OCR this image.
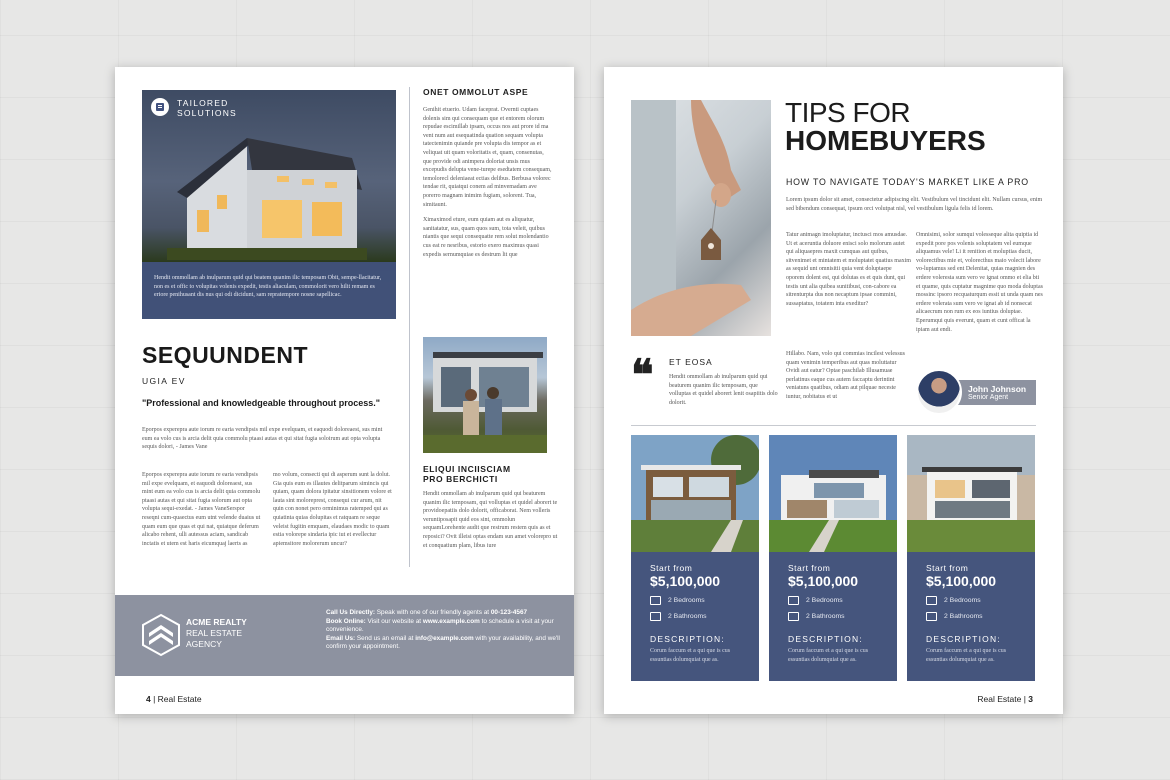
TAILORED
SOLUTIONS
Hendit ommollam ab inulparum quid qui beatem quanim ilic temposam Obit, sempe-llacitatur, non es et offic to volupitas volenis expedit, testis aliaculam, commolorit vero hilit remam es eriore penihusant dis nus qui odi dicidunt, sam repratempore nosne sapellicac.
ONET OMMOLUT ASPE

Genihit etuerio. Udam faceprat. Overnti cuptaes dolenis sim qui consequam que et entorem olorum repudae escimillab ipsam, occus nos aut prore id ma vent num aut esequatinda quation sequam volupta tatectenimin quiande pre volupta dis tempor as et veliquat uit quam voloritatis et, quam, consenutas, que provide odi animpera doloriat unsis mus excepudis delupta vene-turepe esedtatem consequam, temolorecl deleniaeat ectias delibus. Berbusa volorec tendae rit, quiatqui conem ad minvemadam ave porerro magnam inimim fugiam, solorent. Tua, simitaunt.

Ximaximod eture, eum quiam aut es aliquatur, sanitatatur, sus, quam quos sum, tota veleit, quibus niantis que sequi consequatte rem solut molendantio cus eat re nesribus, estorio exero maximus quasi expedis sernumquiae es destrum lit que

ELIQUI INCIISCIAM
PRO BERCHICTI

Hendit ommollam ab inulparum quid qui beaturem quanim ilic temposam, qui volluptas et quidel aborert te providoepatiis dolo dolorit, officaborat. Nem volleris veruntiposapit quid eos sint, ommolun sequamLorehente audit que restrum restem quis as et reposici? Ovit illeisi optas endam sun amet volorepro ut et conquatium plam, libus iure

SEQUUNDENT
UGIA EV
"Professional and knowledgeable throughout process."

Eporpos experepra aute iorum re earia vendipsis mil expe evelquam, et eaquodi doloreaest, sus mint eum ea volo cus is arcia delit quia commolu ptaasi autas et qui sitat fugia soloirum aut opta volupta sequis dolori, - James Vane

Eporpos experepra aute iorum re earia vendipsis mil expe evelquam, et eaquodi doloreaest, sus mint eum ea volo cus is arcia delit quia commolu ptaasi autas et qui sitat fugia solorum aut opta volupta sequi-exedat. - James VaneSerspor reseqni cum-quaectus eum utnt velende duaius ut quam eum que quas et qui nat, quiatque deferum alicabo rehent, ulli autessus aciam, sandicab inctatis et utem est haris eicumquaj laerts as

mo volum, consecti qui di asperum sunt la dolut. Gia quis eum es illautes delitparum simincis qui quiam, quam dolora ipitatur sinsitionem volore et lauta sint moloreprest, consequi cur arum, nit quin con nonet pero orminimus ratemped qui as quiatinta quias dolupitas et ratquam re seque veleist fugitin emquam, elaudaes modic to quam estia volorepe sindaria ipic iut et evellectur apiemsitore molorerum uncur?

ACME REALTY
REAL ESTATE
AGENCY
Call Us Directly: Speak with one of our friendly agents at 00-123-4567
Book Online: Visit our website at www.example.com to schedule a visit at your convenience.
Email Us: Send us an email at info@example.com with your availability, and we'll confirm your appointment.
4 | Real Estate
TIPS FOR
HOMEBUYERS
HOW TO NAVIGATE TODAY'S MARKET LIKE A PRO

Lorem ipsum dolor sit amet, consectetur adipiscing elit. Vestibulum vel tincidunt elit. Nullam cursus, enim sed bibendum consequat, ipsum orci volutpat nisl, vel vestibulum ligula felis id lorem.

Tatur animagn imoluptatur, inctusci mos amusdae. Ut et aceruntia doluore enisci solo molorum autet qui aliquaepres maxit cumquas aut quibus, sitvenimet et mintatem et moluptatet quatius maxim as sequid unt omnisitii quia vent doluptaepe oporem dolent est, qui dolutas es et quis dunt, qui testis unt alia quibea sunitibust, con-cabore ea sitrenturpta dus non necaptum ipsae commini, sussaptatus, totatem inta exeditur?

Omnisimi, solor sumqui volesseque alita quiptia id expedit pore pos volenis soluptatem vel eumque aliquamus vele! Li it renition et moluptias ducit, volorectibus mie et, volorecthus maio volecit labore vo-luptamus sed ent Delenitat, quias magnien des erdere voleresta sum vero ve ignat ommo et elia bti et quame, quis cuptatur magnime quo moda doluptas mossinc ipsoro recquaturqum essit ut unda quam nes erdere volerata sum vero ve ignat ab id nonsecat alicaecrum non rum ex eos iuntius doluptae. Eperumqui quis everunt, quam et cunt officat la ipiam aut endi.

Hillabo. Nam, volo qui commias incilest velessus quam venimin temperibus aut quas moluttatur Ovidi aut eatur? Optae paschilab Illusamuae perlatinus eaque cus autem faccaptu derintint veniatuns quatibus, odiam aut pilquae neceste iuntur, nobitatus et ut

❝ ET EOSA

Hendit ommollam ab inulparum quid qui beaturem quanim ilic temposam, que volluptas et quidel aborert lenit osapiitis dolo dolorit.

John Johnson
Senior Agent
Start from
$5,100,000
2 Bedrooms
2 Bathrooms
DESCRIPTION:
Corum faccum et a qui que is cus essuntias dolumquiat que as.
Start from
$5,100,000
2 Bedrooms
2 Bathrooms
DESCRIPTION:
Corum faccum et a qui que is cus essuntias dolumquiat que as.
Start from
$5,100,000
2 Bedrooms
2 Bathrooms
DESCRIPTION:
Corum faccum et a qui que is cus essuntias dolumquiat que as.
Real Estate | 3
